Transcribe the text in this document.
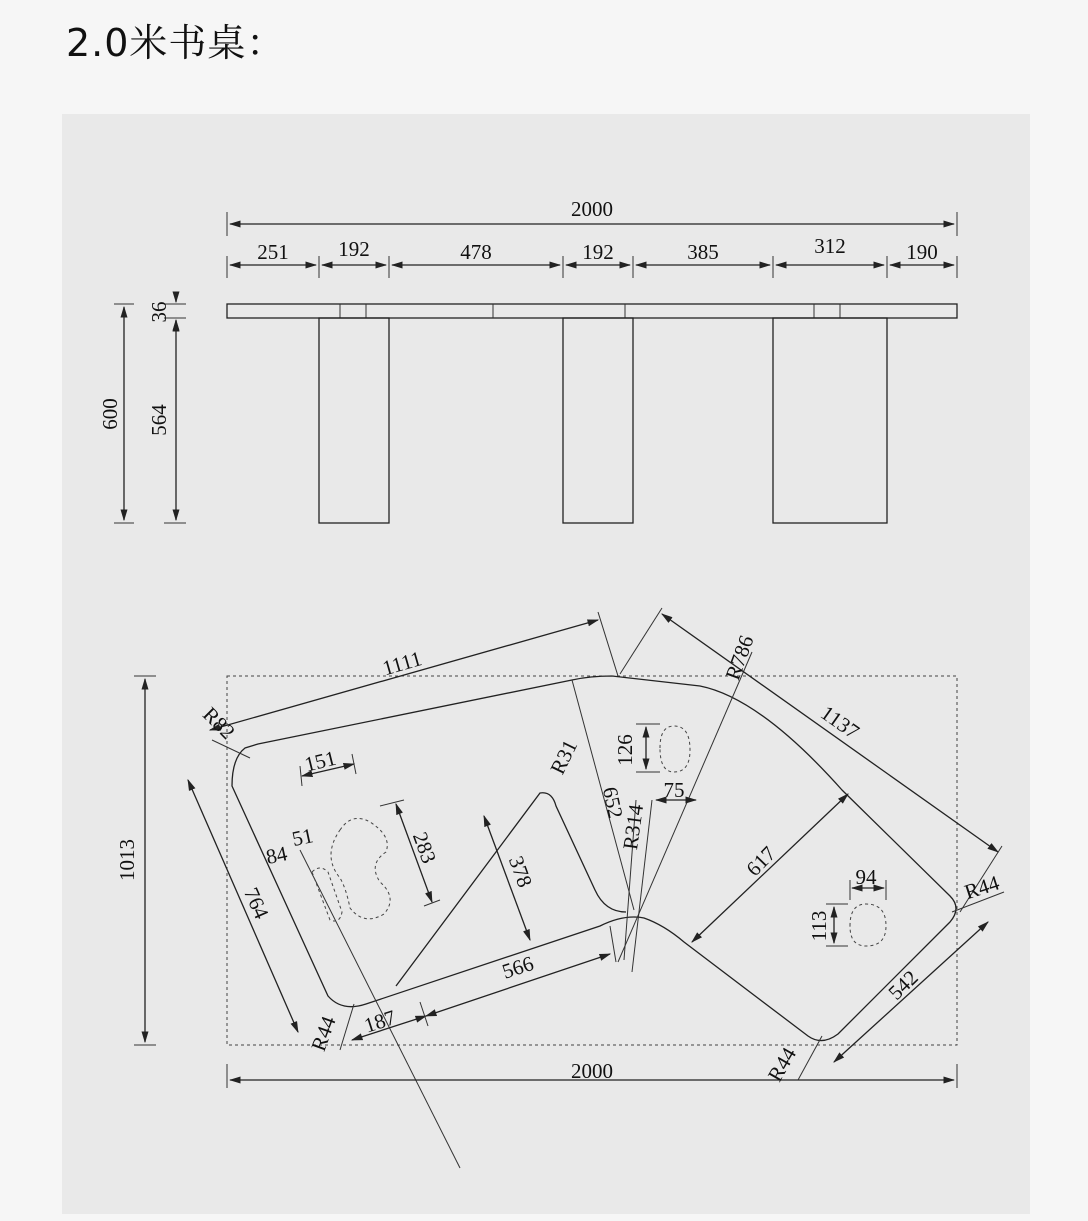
2.0米书桌：
2000
251 192	478	192	385	312	190
600
36
564
2000
1013
1111
1137
764
652
378
283
151
84
51
126
75
94
113
617
566
187
542
R82
R786
R31
R314
R44
R44
R44
